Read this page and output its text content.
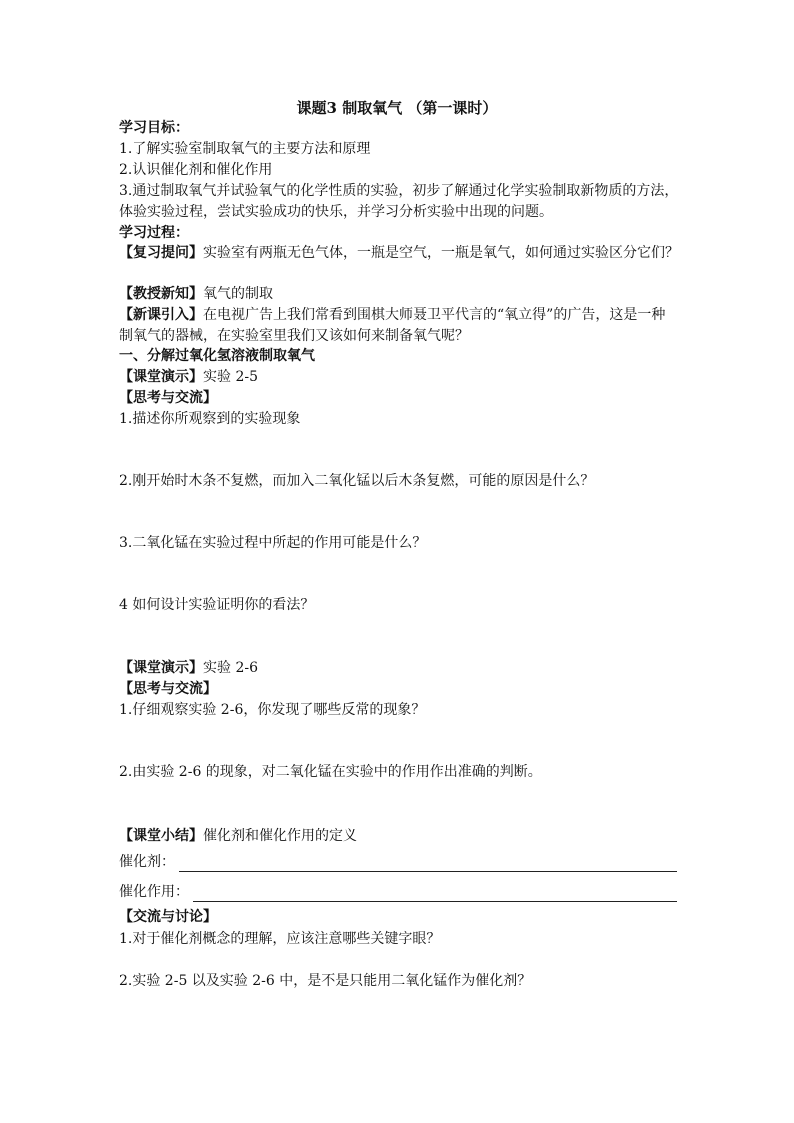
课题3 制取氧气 （第一课时）

学习目标：

1.了解实验室制取氧气的主要方法和原理

2.认识催化剂和催化作用

3.通过制取氧气并试验氧气的化学性质的实验，初步了解通过化学实验制取新物质的方法，

体验实验过程，尝试实验成功的快乐，并学习分析实验中出现的问题。

学习过程：

【复习提问】实验室有两瓶无色气体，一瓶是空气，一瓶是氧气，如何通过实验区分它们？

【教授新知】氧气的制取

【新课引入】在电视广告上我们常看到围棋大师聂卫平代言的“氧立得”的广告，这是一种

制氧气的器械，在实验室里我们又该如何来制备氧气呢？

一、分解过氧化氢溶液制取氧气

【课堂演示】实验 2-5

【思考与交流】

1.描述你所观察到的实验现象

2.刚开始时木条不复燃，而加入二氧化锰以后木条复燃，可能的原因是什么？

3.二氧化锰在实验过程中所起的作用可能是什么？

4 如何设计实验证明你的看法？

【课堂演示】实验 2-6

【思考与交流】

1.仔细观察实验 2-6，你发现了哪些反常的现象？

2.由实验 2-6 的现象，对二氧化锰在实验中的作用作出准确的判断。

【课堂小结】催化剂和催化作用的定义

催化剂：
催化作用：

【交流与讨论】

1.对于催化剂概念的理解，应该注意哪些关键字眼？

2.实验 2-5 以及实验 2-6 中，是不是只能用二氧化锰作为催化剂？
